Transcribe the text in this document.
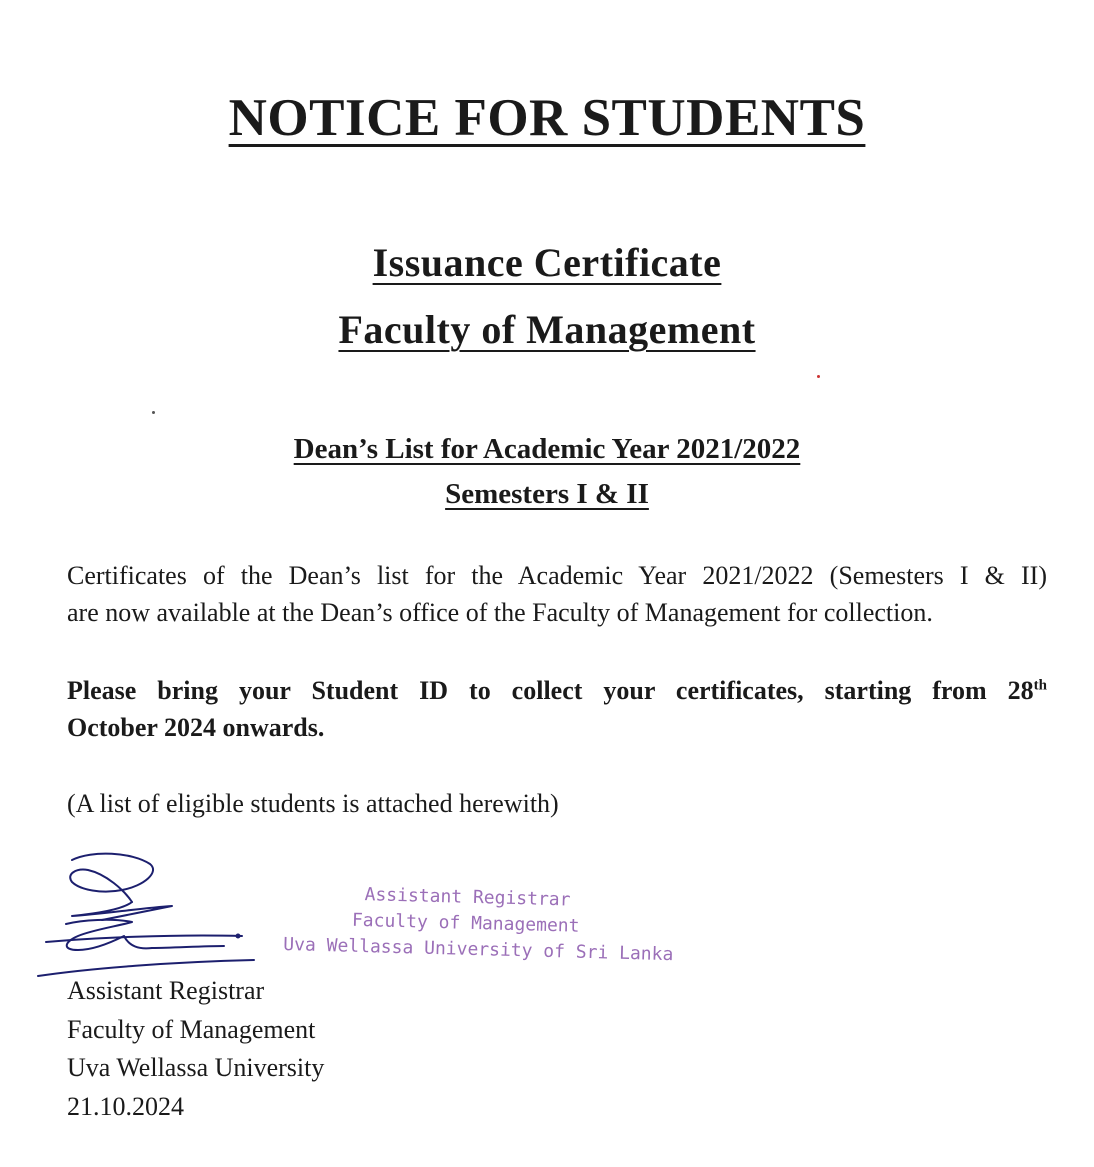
NOTICE FOR STUDENTS
Issuance Certificate
Faculty of Management
Dean’s List for Academic Year 2021/2022
Semesters I & II

Certificates of the Dean’s list for the Academic Year 2021/2022 (Semesters I & II)
are now available at the Dean’s office of the Faculty of Management for collection.

Please bring your Student ID to collect your certificates, starting from 28th
October 2024 onwards.

(A list of eligible students is attached herewith)

Assistant Registrar
Faculty of Management
Uva Wellassa University of Sri Lanka
Assistant Registrar
Faculty of Management
Uva Wellassa University
21.10.2024
